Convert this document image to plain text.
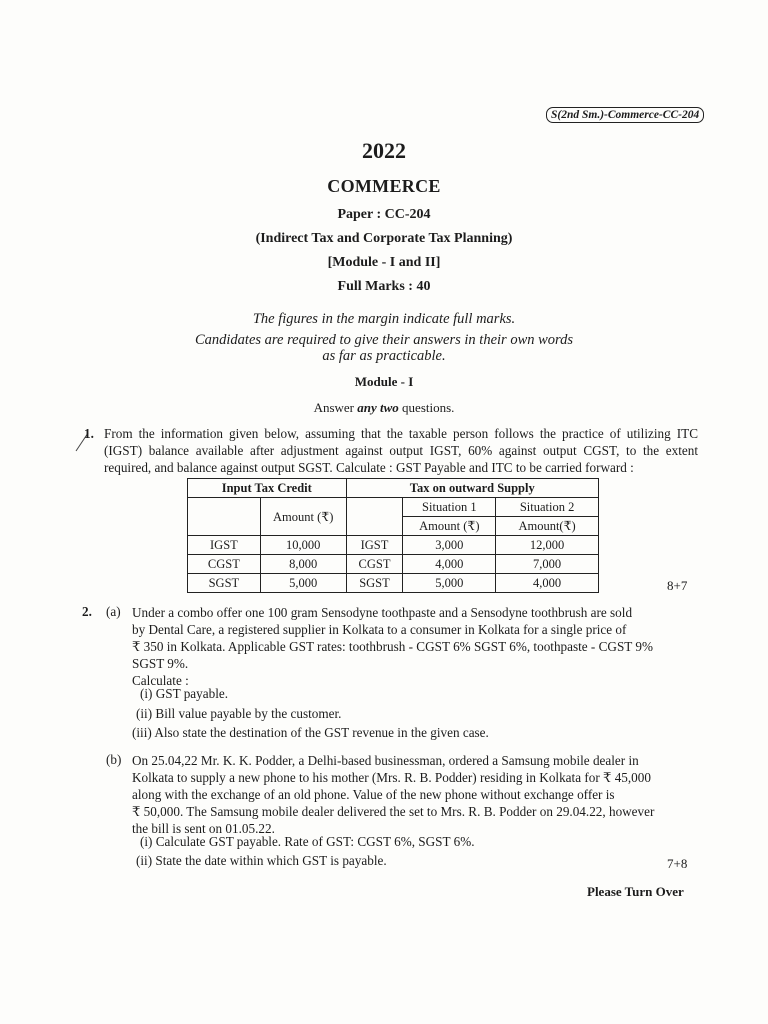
S(2nd Sm.)-Commerce-CC-204
2022
COMMERCE
Paper : CC-204
(Indirect Tax and Corporate Tax Planning)
[Module - I and II]
Full Marks : 40
The figures in the margin indicate full marks.
Candidates are required to give their answers in their own words
as far as practicable.
Module - I
Answer any two questions.
1. From the information given below, assuming that the taxable person follows the practice of utilizing ITC (IGST) balance available after adjustment against output IGST, 60% against output CGST, to the extent required, and balance against output SGST. Calculate : GST Payable and ITC to be carried forward :
Input Tax Credit		Tax on outward Supply		
	Amount (₹)		Situation 1	Situation 2
			Amount (₹)	Amount(₹)
IGST	10,000	IGST	3,000	12,000
CGST	8,000	CGST	4,000	7,000
SGST	5,000	SGST	5,000	4,000	8+7
2. (a) Under a combo offer one 100 gram Sensodyne toothpaste and a Sensodyne toothbrush are sold
by Dental Care, a registered supplier in Kolkata to a consumer in Kolkata for a single price of
₹ 350 in Kolkata. Applicable GST rates: toothbrush - CGST 6% SGST 6%, toothpaste - CGST 9%
SGST 9%.
Calculate :
(i) GST payable.
(ii) Bill value payable by the customer.
(iii) Also state the destination of the GST revenue in the given case.
(b) On 25.04,22 Mr. K. K. Podder, a Delhi-based businessman, ordered a Samsung mobile dealer in
Kolkata to supply a new phone to his mother (Mrs. R. B. Podder) residing in Kolkata for ₹ 45,000
along with the exchange of an old phone. Value of the new phone without exchange offer is
₹ 50,000. The Samsung mobile dealer delivered the set to Mrs. R. B. Podder on 29.04.22, however
the bill is sent on 01.05.22.
(i) Calculate GST payable. Rate of GST: CGST 6%, SGST 6%.
(ii) State the date within which GST is payable.	7+8
Please Turn Over
